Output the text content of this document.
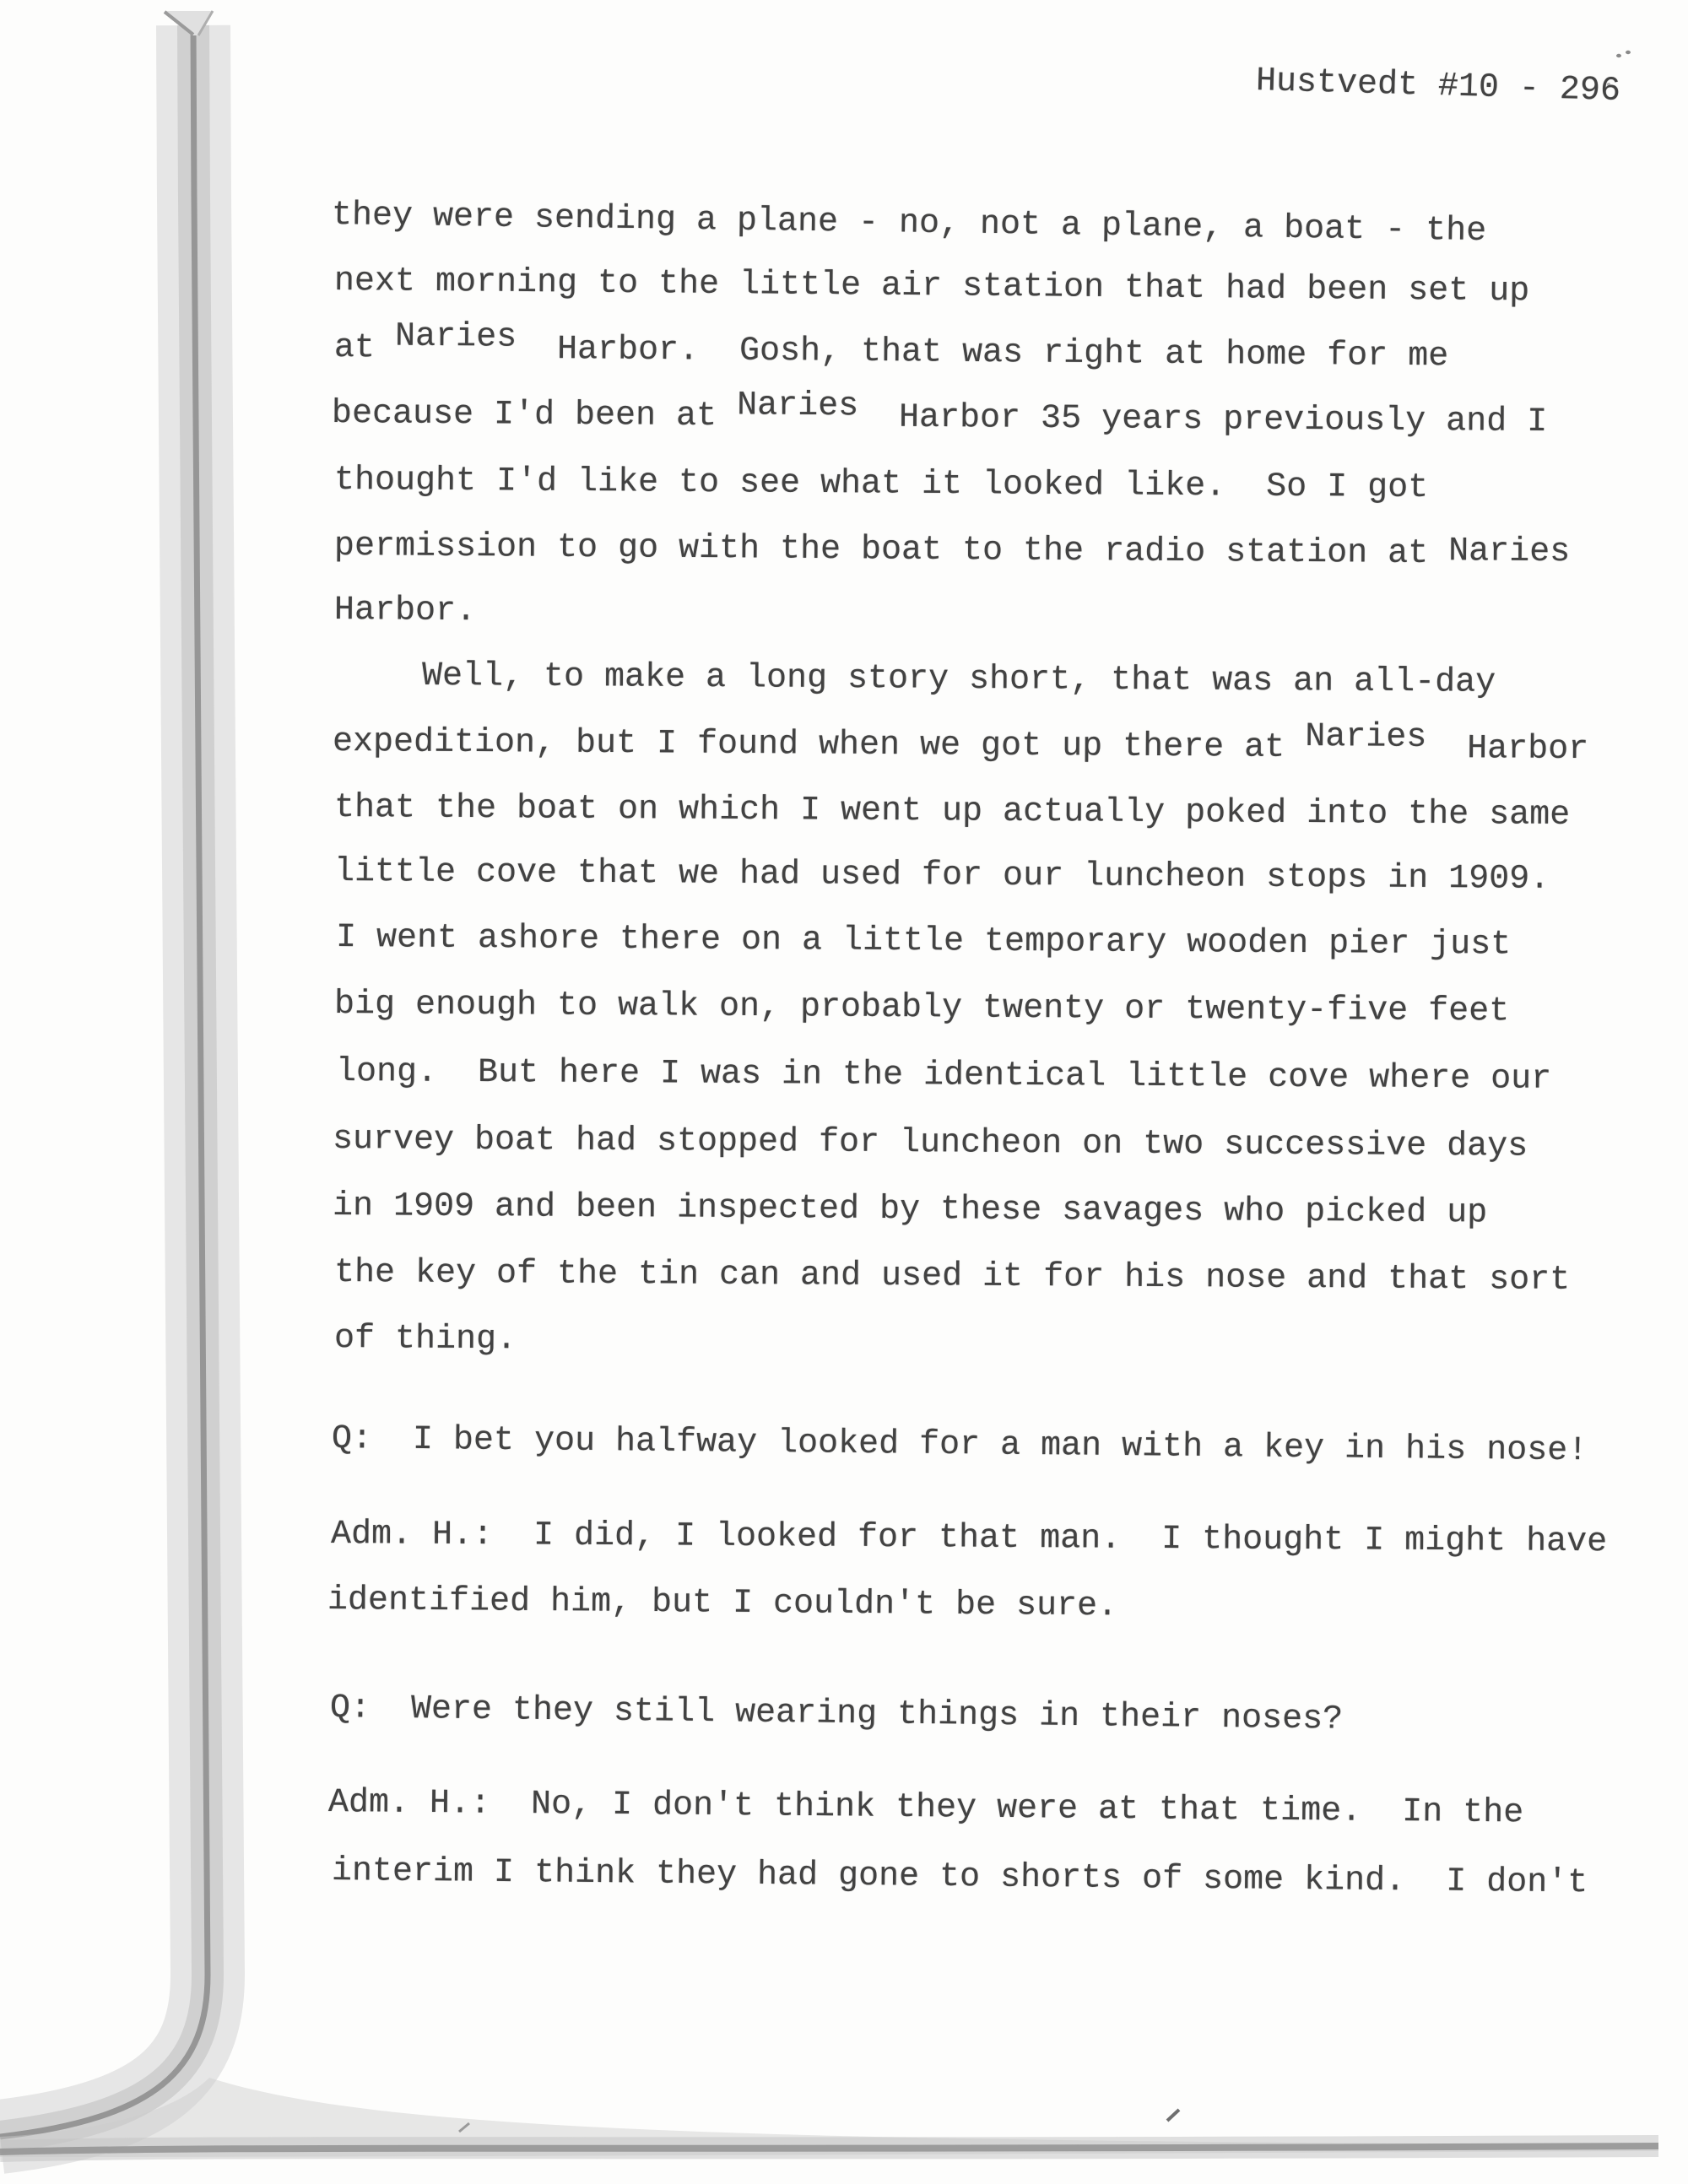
Hustvedt #10 - 296
they were sending a plane - no, not a plane, a boat - the
next morning to the little air station that had been set up
at Naries  Harbor.  Gosh, that was right at home for me
because I'd been at Naries  Harbor 35 years previously and I
thought I'd like to see what it looked like.  So I got
permission to go with the boat to the radio station at Naries
Harbor.
Well, to make a long story short, that was an all-day
expedition, but I found when we got up there at Naries  Harbor
that the boat on which I went up actually poked into the same
little cove that we had used for our luncheon stops in 1909.
I went ashore there on a little temporary wooden pier just
big enough to walk on, probably twenty or twenty-five feet
long.  But here I was in the identical little cove where our
survey boat had stopped for luncheon on two successive days
in 1909 and been inspected by these savages who picked up
the key of the tin can and used it for his nose and that sort
of thing.
Q:  I bet you halfway looked for a man with a key in his nose!
Adm. H.:  I did, I looked for that man.  I thought I might have
identified him, but I couldn't be sure.
Q:  Were they still wearing things in their noses?
Adm. H.:  No, I don't think they were at that time.  In the
interim I think they had gone to shorts of some kind.  I don't
